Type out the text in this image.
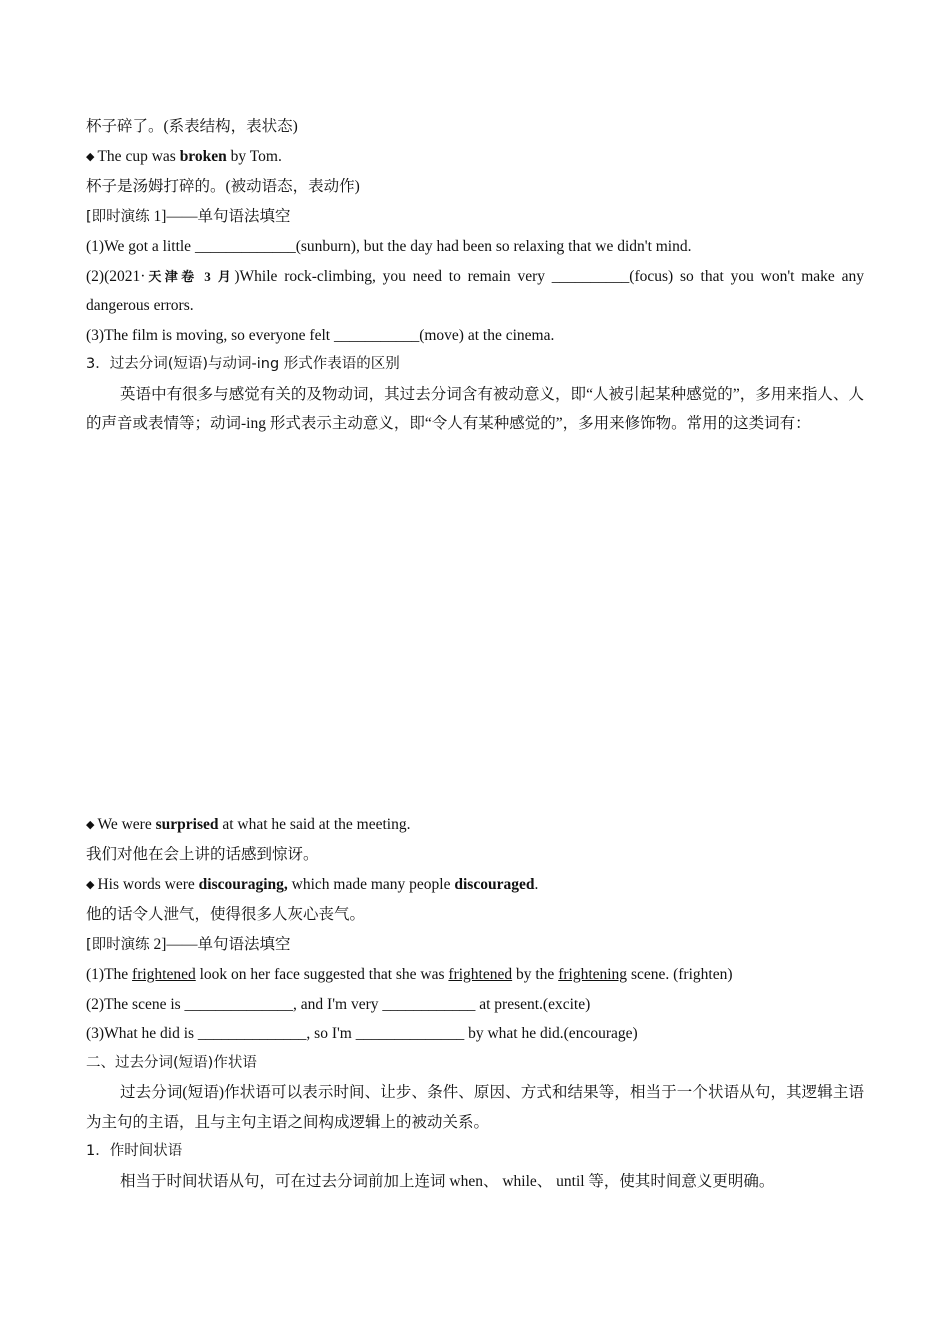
杯子碎了。(系表结构，表状态)

◆ The cup was broken by Tom.

杯子是汤姆打碎的。(被动语态，表动作)

[即时演练 1]——单句语法填空

(1)We got a little _____________(sunburn), but the day had been so relaxing that we didn't mind.

(2)(2021·天津卷 3 月)While rock-climbing, you need to remain very __________(focus) so that you won't make any dangerous errors.

(3)The film is moving, so everyone felt ___________(move) at the cinema.

3．过去分词(短语)与动词-ing 形式作表语的区别

英语中有很多与感觉有关的及物动词，其过去分词含有被动意义，即“人被引起某种感觉的”，多用来指人、人的声音或表情等；动词-ing 形式表示主动意义，即“令人有某种感觉的”，多用来修饰物。常用的这类词有：

◆ We were surprised at what he said at the meeting.

我们对他在会上讲的话感到惊讶。

◆ His words were discouraging, which made many people discouraged.

他的话令人泄气，使得很多人灰心丧气。

[即时演练 2]——单句语法填空

(1)The frightened look on her face suggested that she was frightened by the frightening scene. (frighten)

(2)The scene is ______________, and I'm very ____________ at present.(excite)

(3)What he did is ______________, so I'm ______________ by what he did.(encourage)

二、过去分词(短语)作状语

过去分词(短语)作状语可以表示时间、让步、条件、原因、方式和结果等，相当于一个状语从句，其逻辑主语为主句的主语，且与主句主语之间构成逻辑上的被动关系。

1．作时间状语

相当于时间状语从句，可在过去分词前加上连词 when、 while、 until 等，使其时间意义更明确。
